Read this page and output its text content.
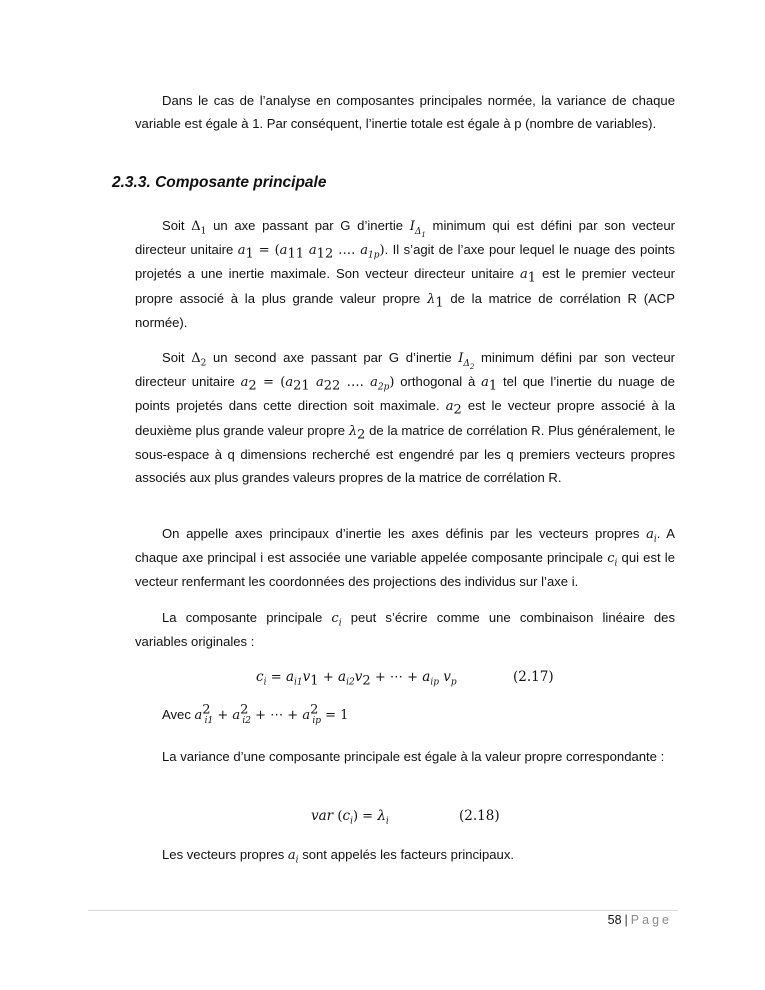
Dans le cas de l’analyse en composantes principales normée, la variance de chaque variable est égale à 1. Par conséquent, l’inertie totale est égale à p (nombre de variables).

2.3.3. Composante principale

Soit $\Delta_1$ un axe passant par G d’inertie $I_{\Delta_1}$ minimum qui est défini par son vecteur directeur unitaire $a_1 = (a_{11}$ $a_{12}$ …. $a_{1p}$). Il s’agit de l’axe pour lequel le nuage des points projetés a une inertie maximale. Son vecteur directeur unitaire $a_1$ est le premier vecteur propre associé à la plus grande valeur propre $\lambda_1$ de la matrice de corrélation R (ACP normée).

Soit $\Delta_2$ un second axe passant par G d’inertie $I_{\Delta_2}$ minimum défini par son vecteur directeur unitaire $a_2 = (a_{21}$ $a_{22}$ …. $a_{2p}$) orthogonal à $a_1$ tel que l’inertie du nuage de points projetés dans cette direction soit maximale. $a_2$ est le vecteur propre associé à la deuxième plus grande valeur propre $\lambda_2$ de la matrice de corrélation R. Plus généralement, le sous-espace à q dimensions recherché est engendré par les q premiers vecteurs propres associés aux plus grandes valeurs propres de la matrice de corrélation R.

On appelle axes principaux d’inertie les axes définis par les vecteurs propres $a_i$. A chaque axe principal i est associée une variable appelée composante principale $c_i$ qui est le vecteur renfermant les coordonnées des projections des individus sur l’axe i.

La composante principale $c_i$ peut s’écrire comme une combinaison linéaire des variables originales :

$c_i = a_{i1}v_1 + a_{i2}v_2$ + ⋯ + $a_{ip}$ $v_p$	(2.17)
Avec $a^2_{i1} + a^2_{i2}$ + ⋯ + $a^2_{ip} = 1$

La variance d’une composante principale est égale à la valeur propre correspondante :

var $(c_i) = \lambda_i$	(2.18)

Les vecteurs propres $a_i$ sont appelés les facteurs principaux.

58 | Page
